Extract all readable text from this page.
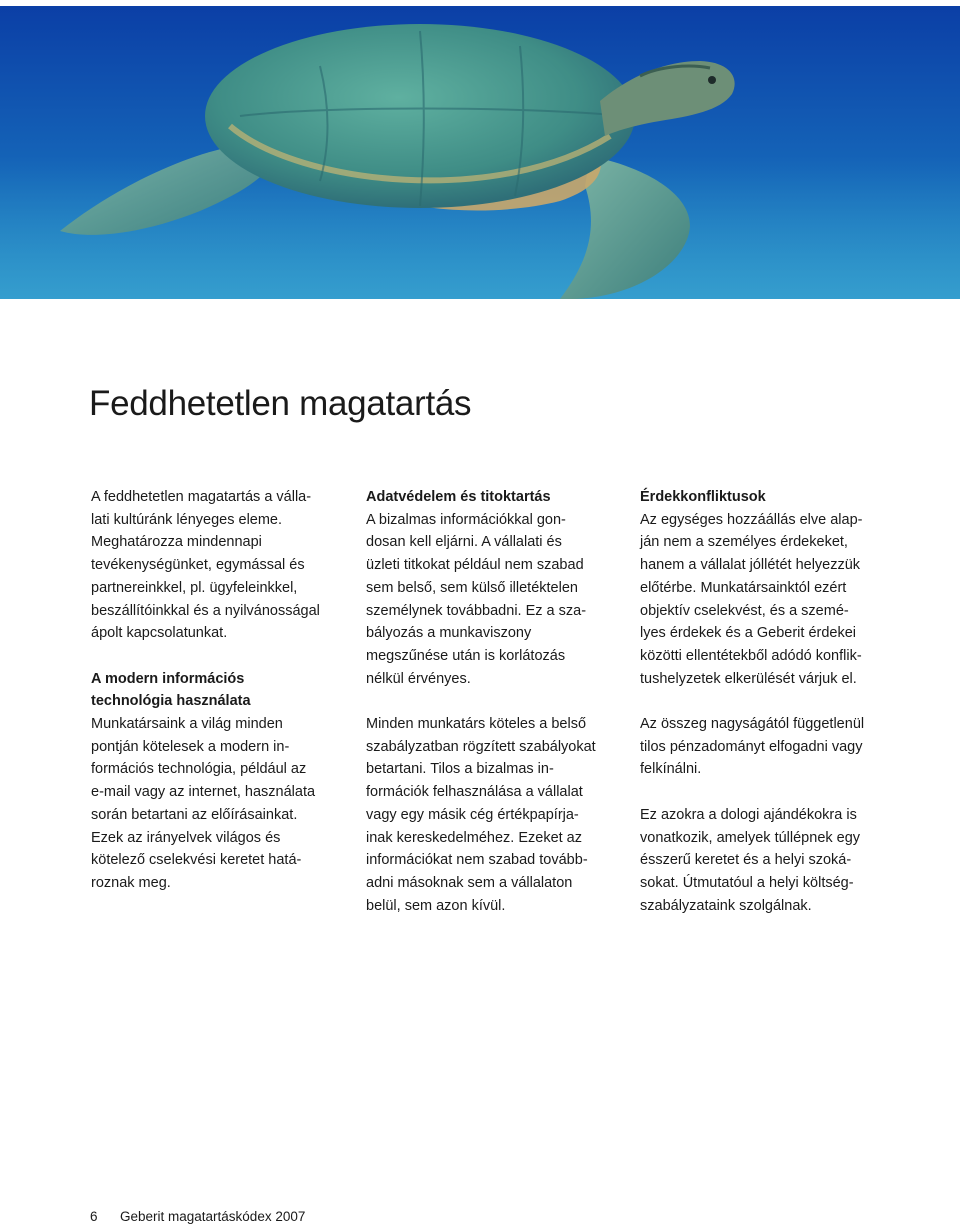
Feddhetetlen magatartás
A feddhetetlen magatartás a válla-
lati kultúránk lényeges eleme.
Meghatározza mindennapi
tevékenységünket, egymással és
partnereinkkel, pl. ügyfeleinkkel,
beszállítóinkkal és a nyilvánosságal
ápolt kapcsolatunkat.
A modern információs
technológia használata
Munkatársaink a világ minden
pontján kötelesek a modern in-
formációs technológia, például az
e-mail vagy az internet, használata
során betartani az előírásainkat.
Ezek az irányelvek világos és
kötelező cselekvési keretet hatá-
roznak meg.
Adatvédelem és titoktartás
A bizalmas információkkal gon-
dosan kell eljárni. A vállalati és
üzleti titkokat például nem szabad
sem belső, sem külső illetéktelen
személynek továbbadni. Ez a sza-
bályozás a munkaviszony
megszűnése után is korlátozás
nélkül érvényes.
Minden munkatárs köteles a belső
szabályzatban rögzített szabályokat
betartani. Tilos a bizalmas in-
formációk felhasználása a vállalat
vagy egy másik cég értékpapírja-
inak kereskedelméhez. Ezeket az
információkat nem szabad tovább-
adni másoknak sem a vállalaton
belül, sem azon kívül.
Érdekkonfliktusok
Az egységes hozzáállás elve alap-
ján nem a személyes érdekeket,
hanem a vállalat jóllétét helyezzük
előtérbe. Munkatársainktól ezért
objektív cselekvést, és a szemé-
lyes érdekek és a Geberit érdekei
közötti ellentétekből adódó konflik-
tushelyzetek elkerülését várjuk el.
Az összeg nagyságától függetlenül
tilos pénzadományt elfogadni vagy
felkínálni.
Ez azokra a dologi ajándékokra is
vonatkozik, amelyek túllépnek egy
ésszerű keretet és a helyi szoká-
sokat. Útmutatóul a helyi költség-
szabályzataink szolgálnak.
6 Geberit magatartáskódex 2007
